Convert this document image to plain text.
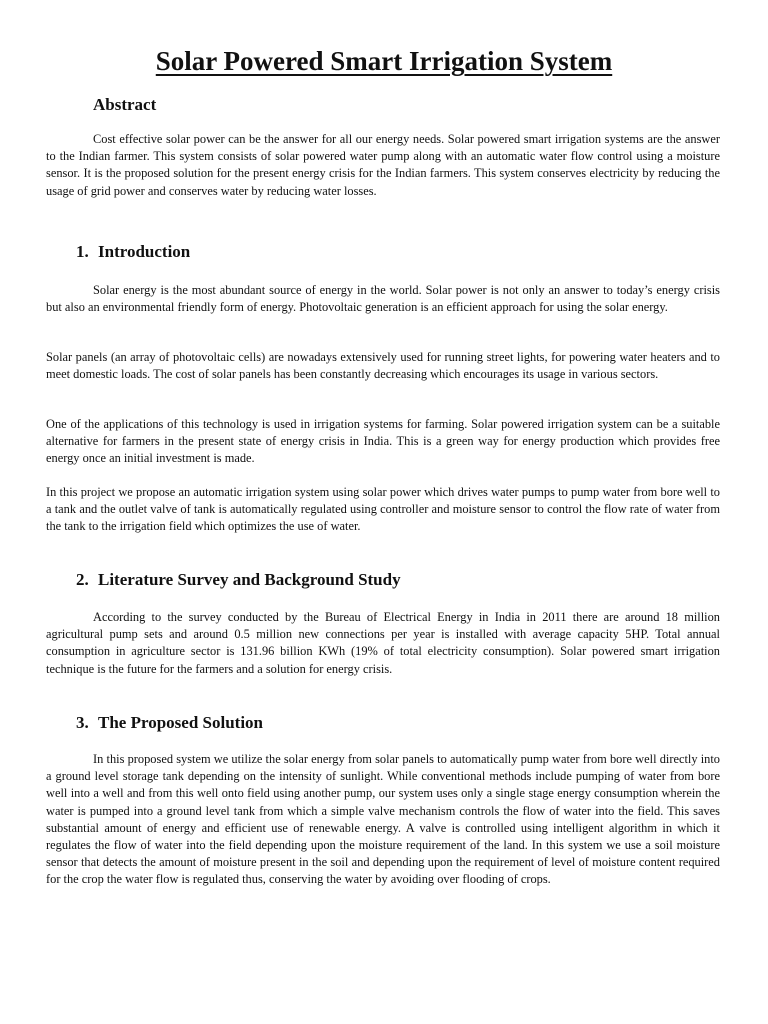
Solar Powered Smart Irrigation System
Abstract

Cost effective solar power can be the answer for all our energy needs. Solar powered smart irrigation systems are the answer to the Indian farmer. This system consists of solar powered water pump along with an automatic water flow control using a moisture sensor. It is the proposed solution for the present energy crisis for the Indian farmers. This system conserves electricity by reducing the usage of grid power and conserves water by reducing water losses.

1. Introduction

Solar energy is the most abundant source of energy in the world. Solar power is not only an answer to today’s energy crisis but also an environmental friendly form of energy. Photovoltaic generation is an efficient approach for using the solar energy.

Solar panels (an array of photovoltaic cells) are nowadays extensively used for running street lights, for powering water heaters and to meet domestic loads. The cost of solar panels has been constantly decreasing which encourages its usage in various sectors.

One of the applications of this technology is used in irrigation systems for farming. Solar powered irrigation system can be a suitable alternative for farmers in the present state of energy crisis in India. This is a green way for energy production which provides free energy once an initial investment is made.

In this project we propose an automatic irrigation system using solar power which drives water pumps to pump water from bore well to a tank and the outlet valve of tank is automatically regulated using controller and moisture sensor to control the flow rate of water from the tank to the irrigation field which optimizes the use of water.

2. Literature Survey and Background Study

According to the survey conducted by the Bureau of Electrical Energy in India in 2011 there are around 18 million agricultural pump sets and around 0.5 million new connections per year is installed with average capacity 5HP. Total annual consumption in agriculture sector is 131.96 billion KWh (19% of total electricity consumption). Solar powered smart irrigation technique is the future for the farmers and a solution for energy crisis.

3. The Proposed Solution

In this proposed system we utilize the solar energy from solar panels to automatically pump water from bore well directly into a ground level storage tank depending on the intensity of sunlight. While conventional methods include pumping of water from bore well into a well and from this well onto field using another pump, our system uses only a single stage energy consumption wherein the water is pumped into a ground level tank from which a simple valve mechanism controls the flow of water into the field. This saves substantial amount of energy and efficient use of renewable energy. A valve is controlled using intelligent algorithm in which it regulates the flow of water into the field depending upon the moisture requirement of the land. In this system we use a soil moisture sensor that detects the amount of moisture present in the soil and depending upon the requirement of level of moisture content required for the crop the water flow is regulated thus, conserving the water by avoiding over flooding of crops.
